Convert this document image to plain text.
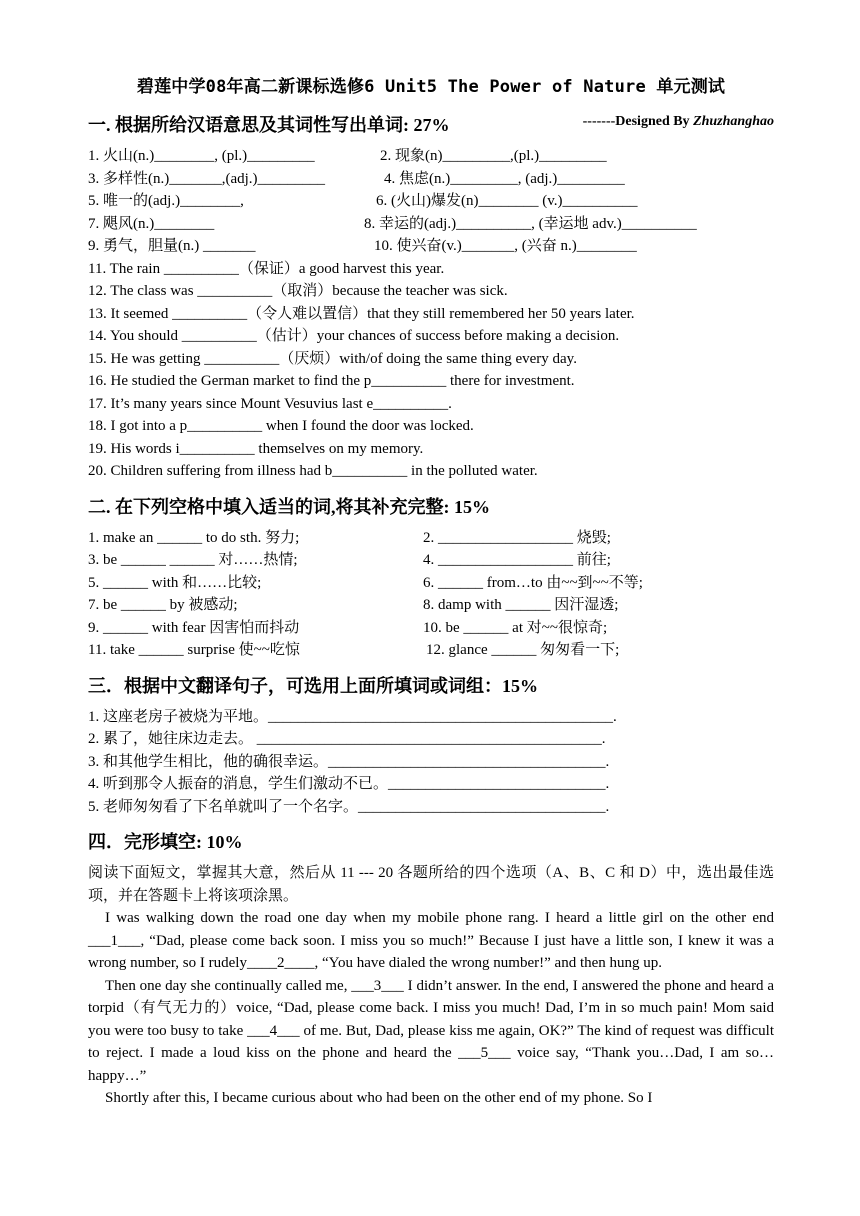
碧莲中学08年高二新课标选修6 Unit5 The Power of Nature 单元测试
一. 根据所给汉语意思及其词性写出单词: 27%	-------Designed By Zhuzhanghao
1. 火山(n.)________, (pl.)_________	2. 现象(n)_________,(pl.)_________
3. 多样性(n.)_______,(adj.)_________	4. 焦虑(n.)_________, (adj.)_________
5. 唯一的(adj.)________,	6. (火山)爆发(n)________ (v.)__________
7. 飓风(n.)________	8. 幸运的(adj.)__________, (幸运地 adv.)__________
9. 勇气，胆量(n.) _______	10. 使兴奋(v.)_______, (兴奋 n.)________
11. The rain __________（保证）a good harvest this year.
12. The class was __________（取消）because the teacher was sick.
13. It seemed __________（令人难以置信）that they still remembered her 50 years later.
14. You should __________（估计）your chances of success before making a decision.
15. He was getting __________（厌烦）with/of doing the same thing every day.
16. He studied the German market to find the p__________ there for investment.
17. It’s many years since Mount Vesuvius last e__________.
18. I got into a p__________ when I found the door was locked.
19. His words i__________ themselves on my memory.
20. Children suffering from illness had b__________ in the polluted water.
二. 在下列空格中填入适当的词,将其补充完整: 15%
1. make an ______ to do sth. 努力;	2. __________________ 烧毁;
3. be ______ ______ 对……热情;	4. __________________ 前往;
5. ______ with 和……比较;	6. ______ from…to 由~~到~~不等;
7. be ______ by 被感动;	8. damp with ______ 因汗湿透;
9. ______ with fear 因害怕而抖动	10. be ______ at 对~~很惊奇;
11. take ______ surprise 使~~吃惊	12. glance ______ 匆匆看一下;
三．根据中文翻译句子，可选用上面所填词或词组：15%
1. 这座老房子被烧为平地。______________________________________________.
2. 累了，她往床边走去。 ______________________________________________.
3. 和其他学生相比，他的确很幸运。_____________________________________.
4. 听到那令人振奋的消息，学生们激动不已。_____________________________.
5. 老师匆匆看了下名单就叫了一个名字。_________________________________.
四．完形填空: 10%
阅读下面短文，掌握其大意，然后从 11 --- 20 各题所给的四个选项（A、B、C 和 D）中，选出最佳选项，并在答题卡上将该项涂黑。
I was walking down the road one day when my mobile phone rang. I heard a little girl on the other end ___1___, “Dad, please come back soon. I miss you so much!” Because I just have a little son, I knew it was a wrong number, so I rudely____2____, “You have dialed the wrong number!” and then hung up.
Then one day she continually called me, ___3___ I didn’t answer. In the end, I answered the phone and heard a torpid（有气无力的）voice, “Dad, please come back. I miss you much! Dad, I’m in so much pain! Mom said you were too busy to take ___4___ of me. But, Dad, please kiss me again, OK?” The kind of request was difficult to reject. I made a loud kiss on the phone and heard the ___5___ voice say, “Thank you…Dad, I am so…happy…”
Shortly after this, I became curious about who had been on the other end of my phone. So I
